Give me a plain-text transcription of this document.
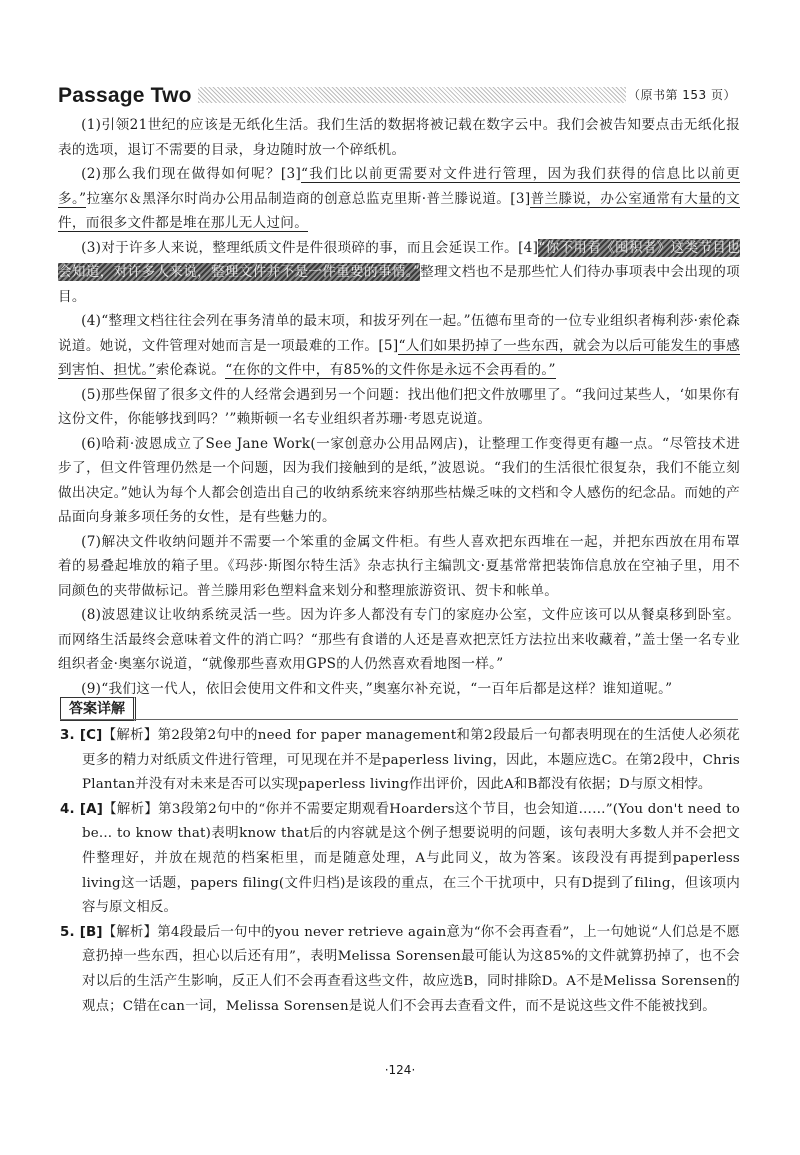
Passage Two	（原书第 153 页）

(1)引领21世纪的应该是无纸化生活。我们生活的数据将被记载在数字云中。我们会被告知要点击无纸化报表的选项，退订不需要的目录，身边随时放一个碎纸机。

(2)那么我们现在做得如何呢？[3]“我们比以前更需要对文件进行管理，因为我们获得的信息比以前更多。”拉塞尔＆黑泽尔时尚办公用品制造商的创意总监克里斯·普兰滕说道。[3]普兰滕说，办公室通常有大量的文件，而很多文件都是堆在那儿无人过问。

(3)对于许多人来说，整理纸质文件是件很琐碎的事，而且会延误工作。[4]“你不用看《囤积者》这类节目也会知道，对许多人来说，整理文件并不是一件重要的事情。”整理文档也不是那些忙人们待办事项表中会出现的项目。

(4)“整理文档往往会列在事务清单的最末项，和拔牙列在一起。”伍德布里奇的一位专业组织者梅利莎·索伦森说道。她说，文件管理对她而言是一项最难的工作。[5]“人们如果扔掉了一些东西，就会为以后可能发生的事感到害怕、担忧。”索伦森说。“在你的文件中，有85%的文件你是永远不会再看的。”

(5)那些保留了很多文件的人经常会遇到另一个问题：找出他们把文件放哪里了。“我问过某些人，‘如果你有这份文件，你能够找到吗？’”赖斯顿一名专业组织者苏珊·考恩克说道。

(6)哈莉·波恩成立了See Jane Work(一家创意办公用品网店)，让整理工作变得更有趣一点。“尽管技术进步了，但文件管理仍然是一个问题，因为我们接触到的是纸，”波恩说。“我们的生活很忙很复杂，我们不能立刻做出决定。”她认为每个人都会创造出自己的收纳系统来容纳那些枯燥乏味的文档和令人感伤的纪念品。而她的产品面向身兼多项任务的女性，是有些魅力的。

(7)解决文件收纳问题并不需要一个笨重的金属文件柜。有些人喜欢把东西堆在一起，并把东西放在用布罩着的易叠起堆放的箱子里。《玛莎·斯图尔特生活》杂志执行主编凯文·夏基常常把装饰信息放在空袖子里，用不同颜色的夹带做标记。普兰滕用彩色塑料盒来划分和整理旅游资讯、贺卡和帐单。

(8)波恩建议让收纳系统灵活一些。因为许多人都没有专门的家庭办公室，文件应该可以从餐桌移到卧室。而网络生活最终会意味着文件的消亡吗？“那些有食谱的人还是喜欢把烹饪方法拉出来收藏着，”盖士堡一名专业组织者金·奥塞尔说道，“就像那些喜欢用GPS的人仍然喜欢看地图一样。”

(9)“我们这一代人，依旧会使用文件和文件夹，”奥塞尔补充说，“一百年后都是这样？谁知道呢。”

答案详解

3. [C]【解析】第2段第2句中的need for paper management和第2段最后一句都表明现在的生活使人必须花更多的精力对纸质文件进行管理，可见现在并不是paperless living，因此，本题应选C。在第2段中，Chris Plantan并没有对未来是否可以实现paperless living作出评价，因此A和B都没有依据；D与原文相悖。

4. [A]【解析】第3段第2句中的“你并不需要定期观看Hoarders这个节目，也会知道……”(You don't need to be... to know that)表明know that后的内容就是这个例子想要说明的问题，该句表明大多数人并不会把文件整理好，并放在规范的档案柜里，而是随意处理，A与此同义，故为答案。该段没有再提到paperless living这一话题，papers filing(文件归档)是该段的重点，在三个干扰项中，只有D提到了filing，但该项内容与原文相反。

5. [B]【解析】第4段最后一句中的you never retrieve again意为“你不会再查看”，上一句她说“人们总是不愿意扔掉一些东西，担心以后还有用”，表明Melissa Sorensen最可能认为这85%的文件就算扔掉了，也不会对以后的生活产生影响，反正人们不会再查看这些文件，故应选B，同时排除D。A不是Melissa Sorensen的观点；C错在can一词，Melissa Sorensen是说人们不会再去查看文件，而不是说这些文件不能被找到。

·124·
